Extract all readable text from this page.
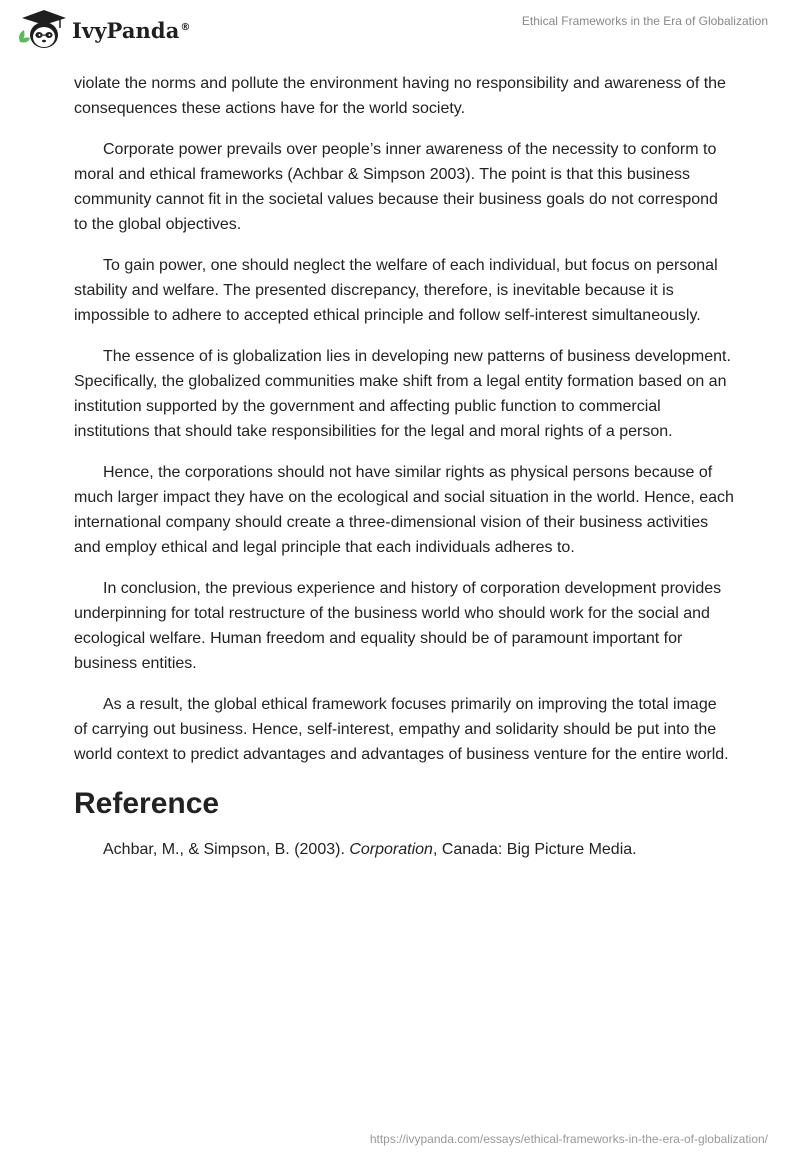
IvyPanda®	Ethical Frameworks in the Era of Globalization

violate the norms and pollute the environment having no responsibility and awareness of the consequences these actions have for the world society.

Corporate power prevails over people’s inner awareness of the necessity to conform to moral and ethical frameworks (Achbar & Simpson 2003). The point is that this business community cannot fit in the societal values because their business goals do not correspond to the global objectives.

To gain power, one should neglect the welfare of each individual, but focus on personal stability and welfare. The presented discrepancy, therefore, is inevitable because it is impossible to adhere to accepted ethical principle and follow self-interest simultaneously.

The essence of is globalization lies in developing new patterns of business development. Specifically, the globalized communities make shift from a legal entity formation based on an institution supported by the government and affecting public function to commercial institutions that should take responsibilities for the legal and moral rights of a person.

Hence, the corporations should not have similar rights as physical persons because of much larger impact they have on the ecological and social situation in the world. Hence, each international company should create a three-dimensional vision of their business activities and employ ethical and legal principle that each individuals adheres to.

In conclusion, the previous experience and history of corporation development provides underpinning for total restructure of the business world who should work for the social and ecological welfare. Human freedom and equality should be of paramount important for business entities.

As a result, the global ethical framework focuses primarily on improving the total image of carrying out business. Hence, self-interest, empathy and solidarity should be put into the world context to predict advantages and advantages of business venture for the entire world.

Reference

Achbar, M., & Simpson, B. (2003). Corporation, Canada: Big Picture Media.

https://ivypanda.com/essays/ethical-frameworks-in-the-era-of-globalization/
